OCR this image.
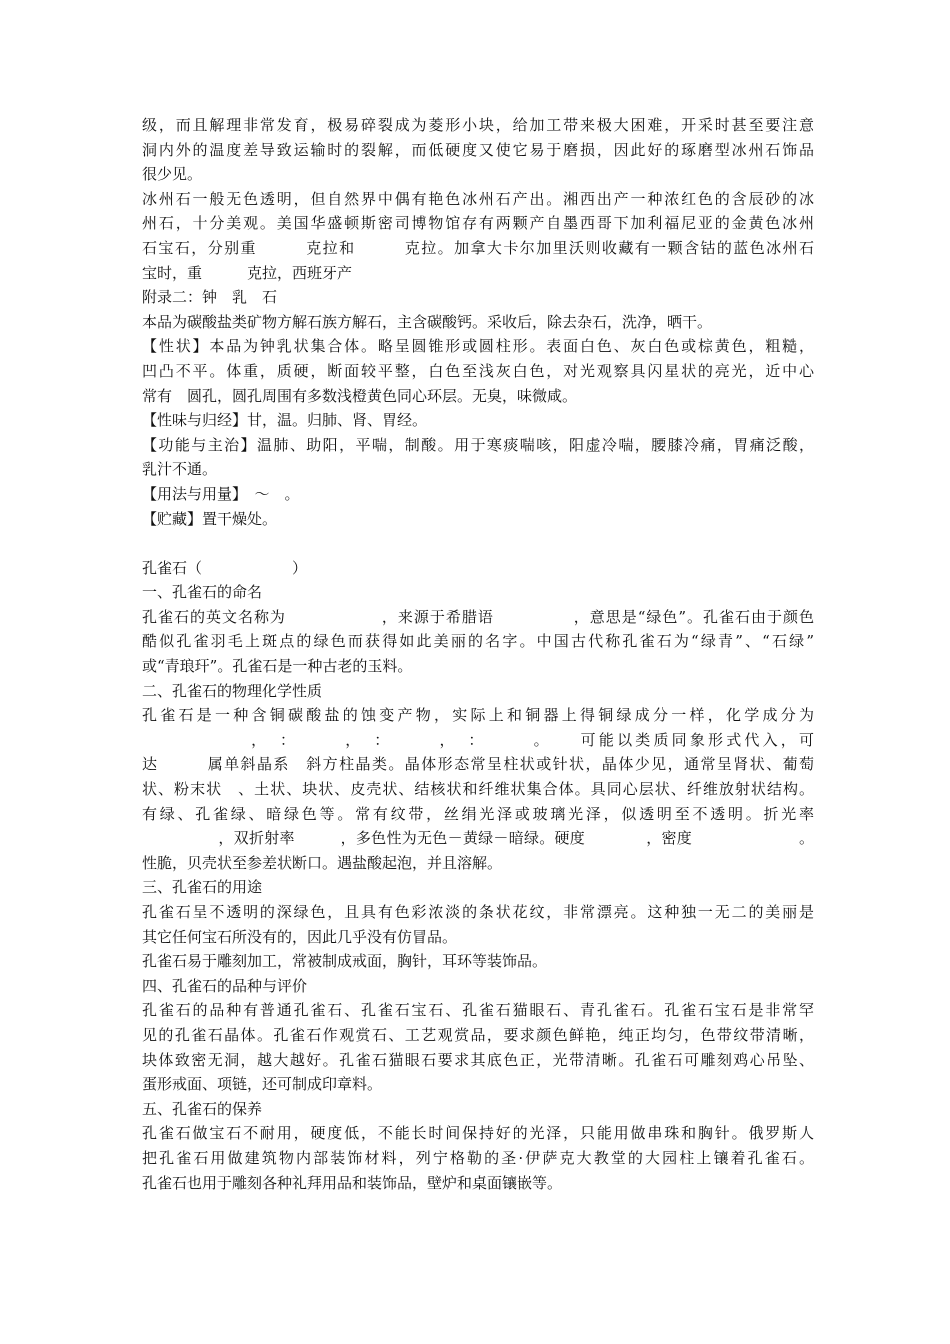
级，而且解理非常发育，极易碎裂成为菱形小块，给加工带来极大困难，开采时甚至要注意

洞内外的温度差导致运输时的裂解，而低硬度又使它易于磨损，因此好的琢磨型冰州石饰品

很少见。

冰州石一般无色透明，但自然界中偶有艳色冰州石产出。湘西出产一种浓红色的含辰砂的冰

州石，十分美观。美国华盛顿斯密司博物馆存有两颗产自墨西哥下加利福尼亚的金黄色冰州

石宝石，分别重　　　克拉和　　　克拉。加拿大卡尔加里沃则收藏有一颗含钴的蓝色冰州石

宝时，重　　　克拉，西班牙产

附录二：钟　乳　石

本品为碳酸盐类矿物方解石族方解石，主含碳酸钙。采收后，除去杂石，洗净，晒干。

【性状】本品为钟乳状集合体。略呈圆锥形或圆柱形。表面白色、灰白色或棕黄色，粗糙，

凹凸不平。体重，质硬，断面较平整，白色至浅灰白色，对光观察具闪星状的亮光，近中心

常有　圆孔，圆孔周围有多数浅橙黄色同心环层。无臭，味微咸。

【性味与归经】甘，温。归肺、肾、胃经。

【功能与主治】温肺、助阳，平喘，制酸。用于寒痰喘咳，阳虚冷喘，腰膝冷痛，胃痛泛酸，

乳汁不通。

【用法与用量】　～　。

【贮藏】置干燥处。

孔雀石（　　　　　　）

一、孔雀石的命名

孔雀石的英文名称为　　　　　　，来源于希腊语　　　　　，意思是“绿色”。孔雀石由于颜色

酷似孔雀羽毛上斑点的绿色而获得如此美丽的名字。中国古代称孔雀石为“绿青”、“石绿”

或“青琅玕”。孔雀石是一种古老的玉料。

二、孔雀石的物理化学性质

孔雀石是一种含铜碳酸盐的蚀变产物，实际上和铜器上得铜绿成分一样，化学成分为

　　　　　　，　：　　　，　：　　　，　：　　　。　　可能以类质同象形式代入，可

达　　　属单斜晶系　斜方柱晶类。晶体形态常呈柱状或针状，晶体少见，通常呈肾状、葡萄

状、粉末状　、土状、块状、皮壳状、结核状和纤维状集合体。具同心层状、纤维放射状结构。

有绿、孔雀绿、暗绿色等。常有纹带，丝绢光泽或玻璃光泽，似透明至不透明。折光率

　　　　　，双折射率　　　，多色性为无色－黄绿－暗绿。硬度　　　　，密度　　　　　　　。

性脆，贝壳状至参差状断口。遇盐酸起泡，并且溶解。

三、孔雀石的用途

孔雀石呈不透明的深绿色，且具有色彩浓淡的条状花纹，非常漂亮。这种独一无二的美丽是

其它任何宝石所没有的，因此几乎没有仿冒品。

孔雀石易于雕刻加工，常被制成戒面，胸针，耳环等装饰品。

四、孔雀石的品种与评价

孔雀石的品种有普通孔雀石、孔雀石宝石、孔雀石猫眼石、青孔雀石。孔雀石宝石是非常罕

见的孔雀石晶体。孔雀石作观赏石、工艺观赏品，要求颜色鲜艳，纯正均匀，色带纹带清晰，

块体致密无洞，越大越好。孔雀石猫眼石要求其底色正，光带清晰。孔雀石可雕刻鸡心吊坠、

蛋形戒面、项链，还可制成印章料。

五、孔雀石的保养

孔雀石做宝石不耐用，硬度低，不能长时间保持好的光泽，只能用做串珠和胸针。俄罗斯人

把孔雀石用做建筑物内部装饰材料，列宁格勒的圣·伊萨克大教堂的大园柱上镶着孔雀石。

孔雀石也用于雕刻各种礼拜用品和装饰品，壁炉和桌面镶嵌等。
